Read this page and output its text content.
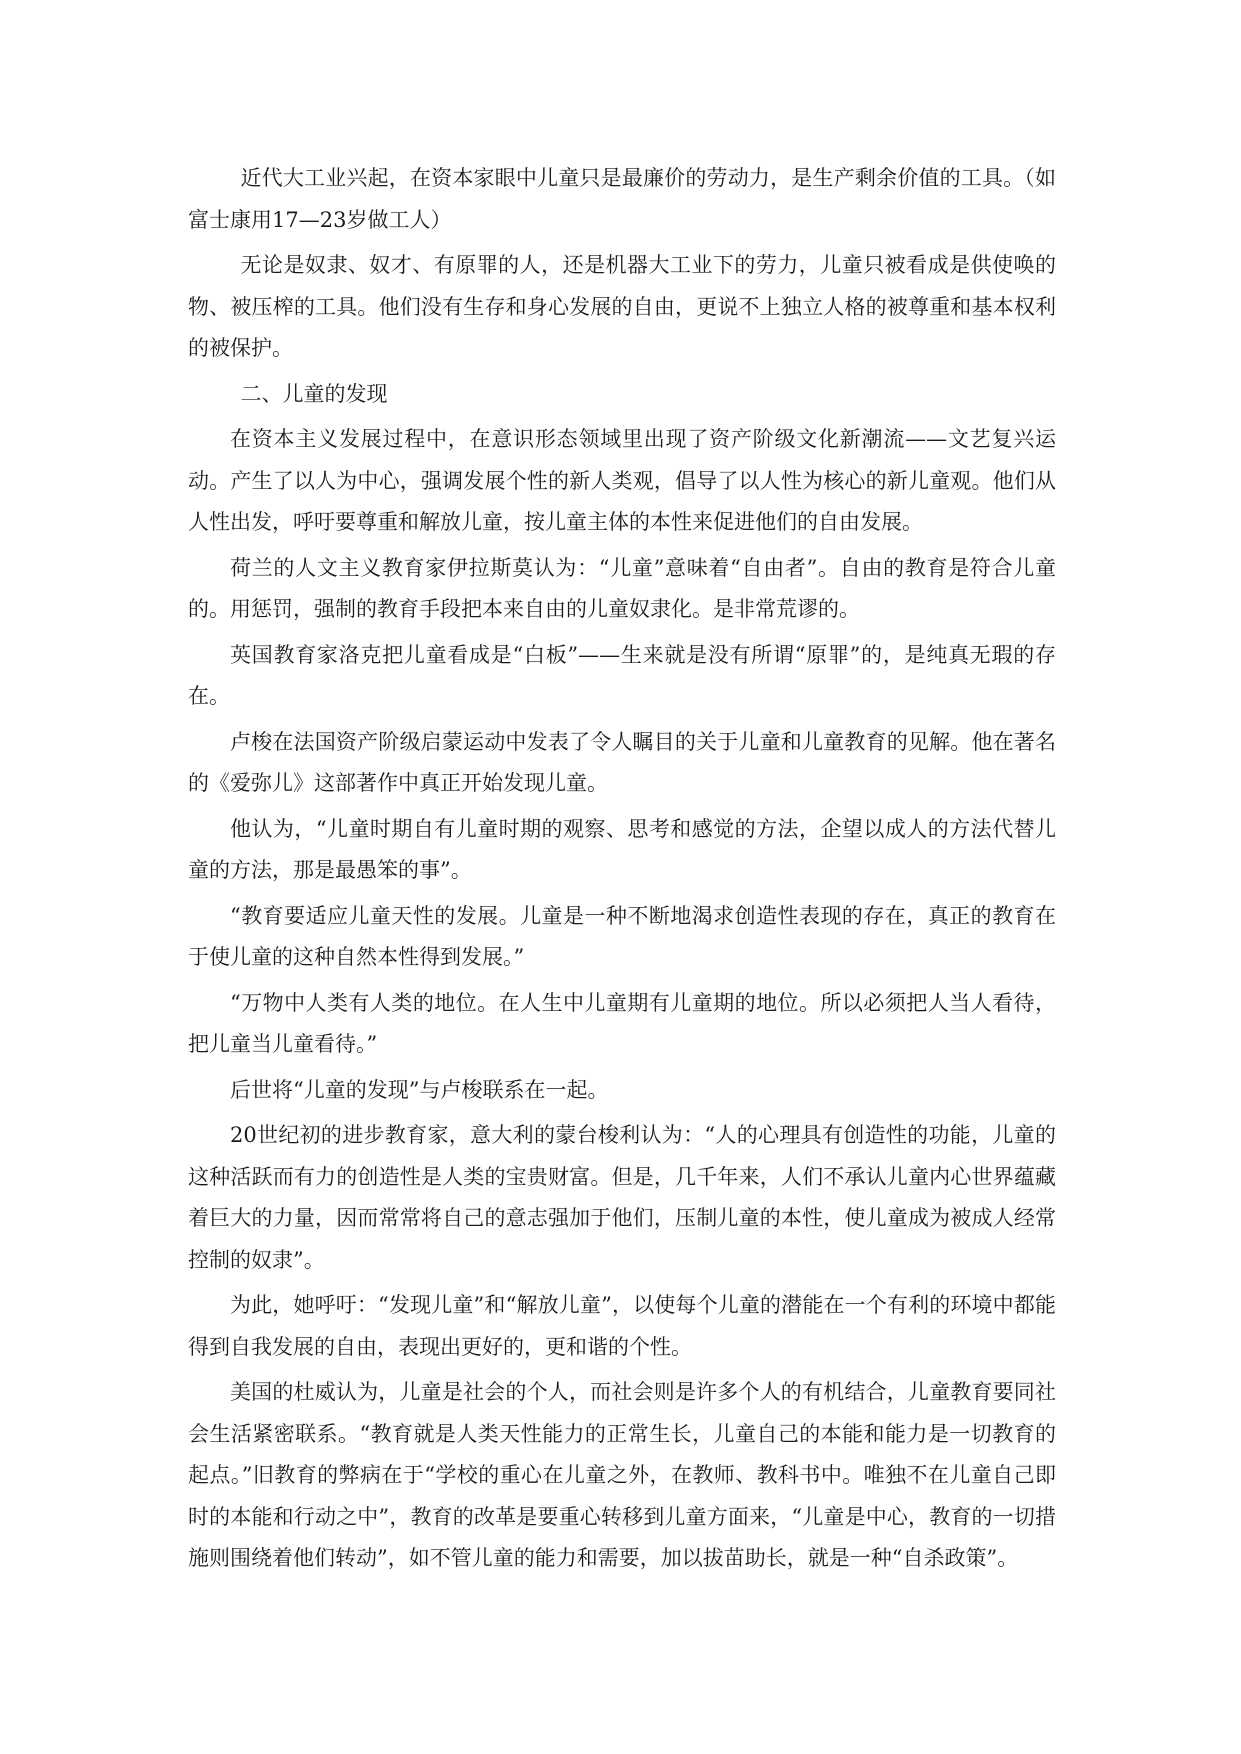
近代大工业兴起，在资本家眼中儿童只是最廉价的劳动力，是生产剩余价值的工具。（如富士康用17—23岁做工人）

无论是奴隶、奴才、有原罪的人，还是机器大工业下的劳力，儿童只被看成是供使唤的物、被压榨的工具。他们没有生存和身心发展的自由，更说不上独立人格的被尊重和基本权利的被保护。

二、儿童的发现

在资本主义发展过程中，在意识形态领域里出现了资产阶级文化新潮流——文艺复兴运动。产生了以人为中心，强调发展个性的新人类观，倡导了以人性为核心的新儿童观。他们从人性出发，呼吁要尊重和解放儿童，按儿童主体的本性来促进他们的自由发展。

荷兰的人文主义教育家伊拉斯莫认为：“儿童”意味着“自由者”。自由的教育是符合儿童的。用惩罚，强制的教育手段把本来自由的儿童奴隶化。是非常荒谬的。

英国教育家洛克把儿童看成是“白板”——生来就是没有所谓“原罪”的，是纯真无瑕的存在。

卢梭在法国资产阶级启蒙运动中发表了令人瞩目的关于儿童和儿童教育的见解。他在著名的《爱弥儿》这部著作中真正开始发现儿童。

他认为，“儿童时期自有儿童时期的观察、思考和感觉的方法，企望以成人的方法代替儿童的方法，那是最愚笨的事”。

“教育要适应儿童天性的发展。儿童是一种不断地渴求创造性表现的存在，真正的教育在于使儿童的这种自然本性得到发展。”

“万物中人类有人类的地位。在人生中儿童期有儿童期的地位。所以必须把人当人看待，把儿童当儿童看待。”

后世将“儿童的发现”与卢梭联系在一起。

20世纪初的进步教育家，意大利的蒙台梭利认为：“人的心理具有创造性的功能，儿童的这种活跃而有力的创造性是人类的宝贵财富。但是，几千年来，人们不承认儿童内心世界蕴藏着巨大的力量，因而常常将自己的意志强加于他们，压制儿童的本性，使儿童成为被成人经常控制的奴隶”。

为此，她呼吁：“发现儿童”和“解放儿童”，以使每个儿童的潜能在一个有利的环境中都能得到自我发展的自由，表现出更好的，更和谐的个性。

美国的杜威认为，儿童是社会的个人，而社会则是许多个人的有机结合，儿童教育要同社会生活紧密联系。“教育就是人类天性能力的正常生长，儿童自己的本能和能力是一切教育的起点。”旧教育的弊病在于“学校的重心在儿童之外，在教师、教科书中。唯独不在儿童自己即时的本能和行动之中”，教育的改革是要重心转移到儿童方面来，“儿童是中心，教育的一切措施则围绕着他们转动”，如不管儿童的能力和需要，加以拔苗助长，就是一种“自杀政策”。
